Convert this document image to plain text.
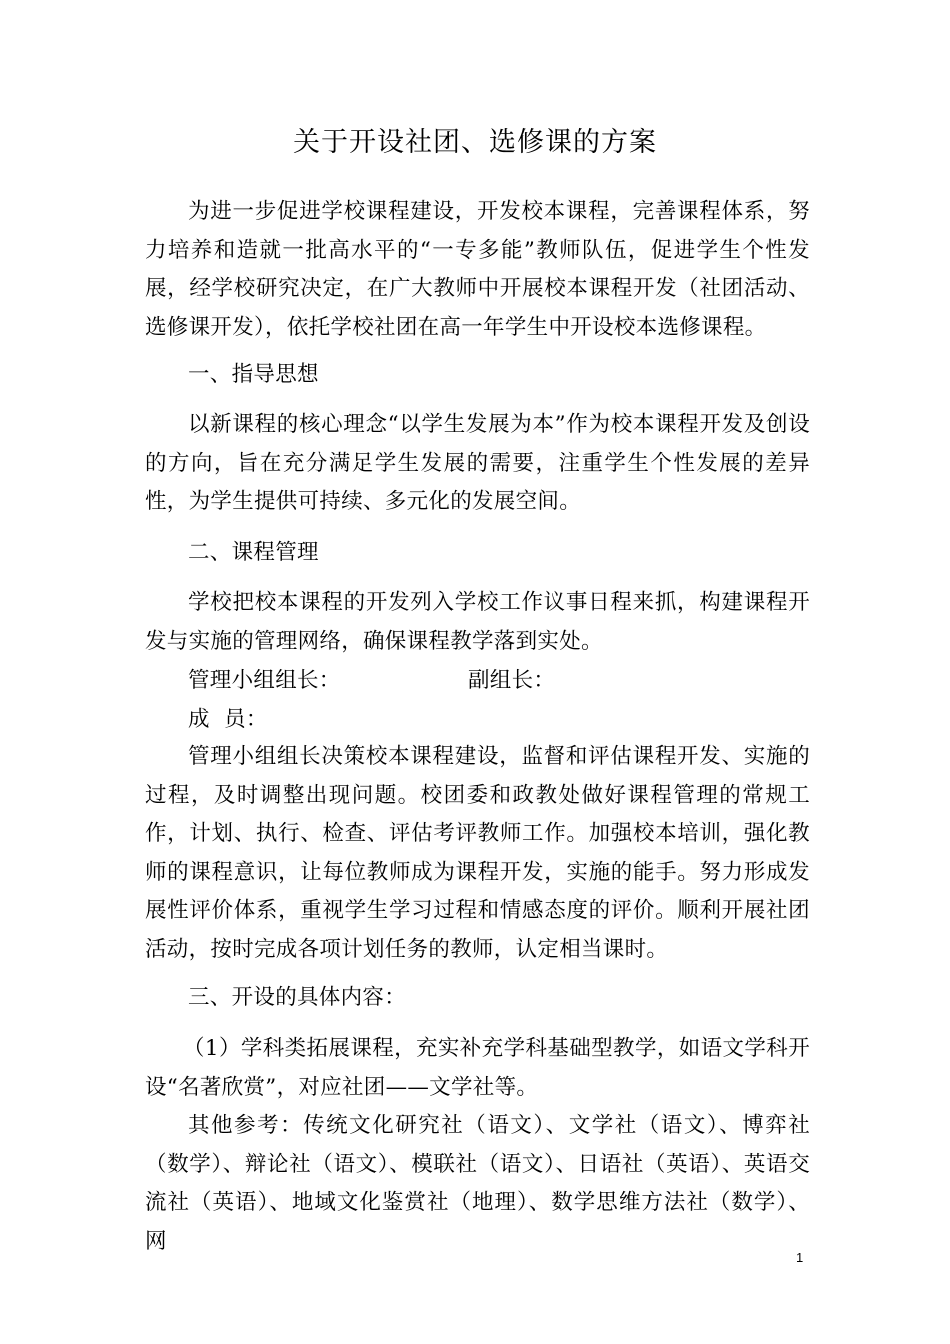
关于开设社团、选修课的方案
为进一步促进学校课程建设，开发校本课程，完善课程体系，努力培养和造就一批高水平的“一专多能”教师队伍，促进学生个性发展，经学校研究决定，在广大教师中开展校本课程开发（社团活动、选修课开发），依托学校社团在高一年学生中开设校本选修课程。
一、指导思想
以新课程的核心理念“以学生发展为本”作为校本课程开发及创设的方向，旨在充分满足学生发展的需要，注重学生个性发展的差异性，为学生提供可持续、多元化的发展空间。
二、课程管理
学校把校本课程的开发列入学校工作议事日程来抓，构建课程开发与实施的管理网络，确保课程教学落到实处。
管理小组组长：	副组长：
成  员：
管理小组组长决策校本课程建设，监督和评估课程开发、实施的过程，及时调整出现问题。校团委和政教处做好课程管理的常规工作，计划、执行、检查、评估考评教师工作。加强校本培训，强化教师的课程意识，让每位教师成为课程开发，实施的能手。努力形成发展性评价体系，重视学生学习过程和情感态度的评价。顺利开展社团活动，按时完成各项计划任务的教师，认定相当课时。
三、开设的具体内容：
（1）学科类拓展课程，充实补充学科基础型教学，如语文学科开设“名著欣赏”，对应社团——文学社等。
其他参考：传统文化研究社（语文）、文学社（语文）、博弈社（数学）、辩论社（语文）、模联社（语文）、日语社（英语）、英语交流社（英语）、地域文化鉴赏社（地理）、数学思维方法社（数学）、网
1
